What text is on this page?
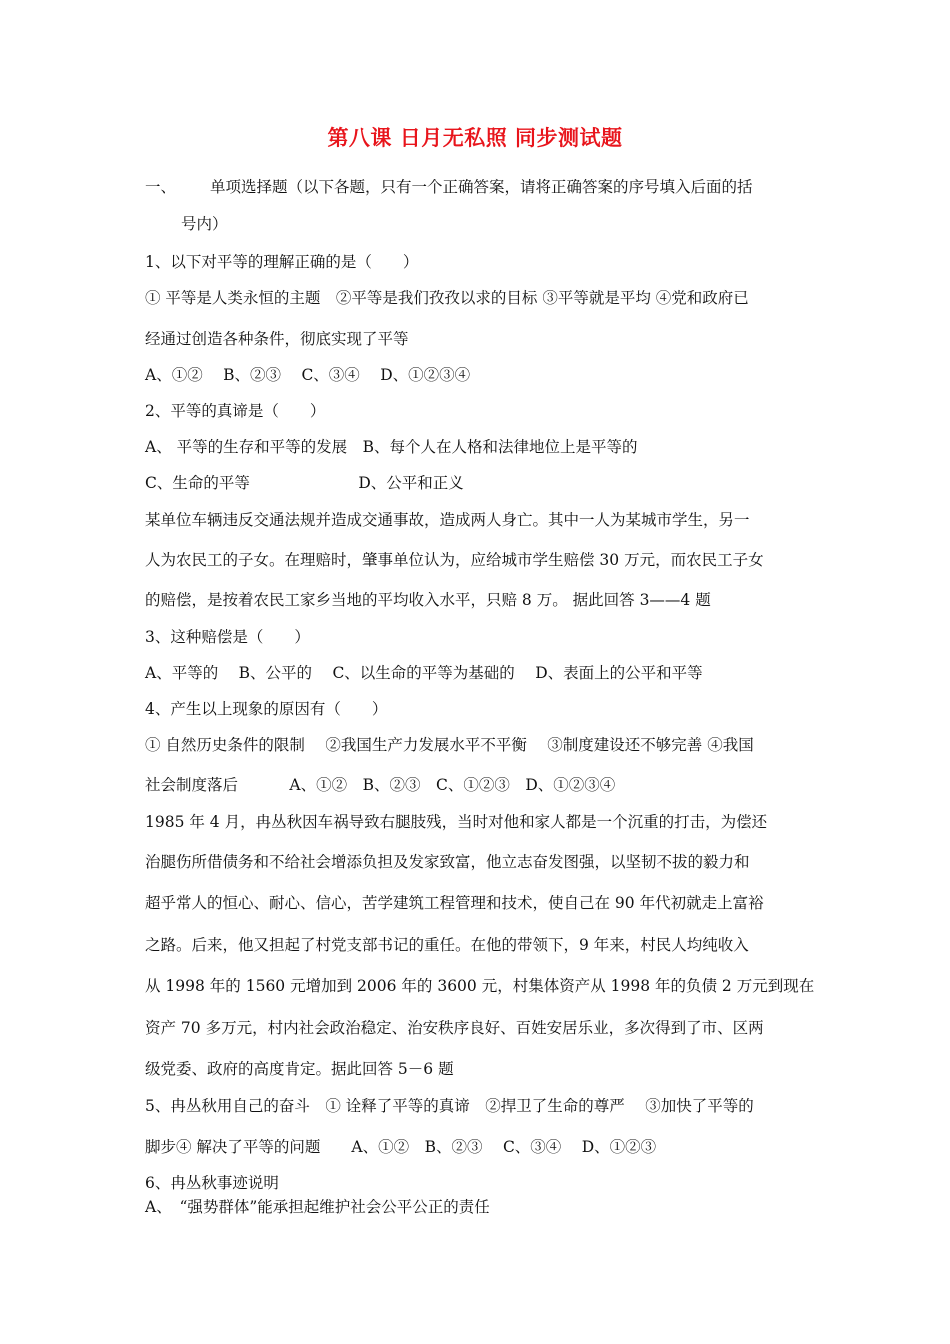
第八课 日月无私照 同步测试题
一、 单项选择题（以下各题，只有一个正确答案，请将正确答案的序号填入后面的括
号内）
1、以下对平等的理解正确的是（　　）
① 平等是人类永恒的主题　②平等是我们孜孜以求的目标 ③平等就是平均 ④党和政府已
经通过创造各种条件，彻底实现了平等
A、①②　 B、②③　 C、③④　 D、①②③④
2、平等的真谛是（　　）
A、 平等的生存和平等的发展　B、每个人在人格和法律地位上是平等的
C、生命的平等　　　　　　　D、公平和正义
某单位车辆违反交通法规并造成交通事故，造成两人身亡。其中一人为某城市学生，另一
人为农民工的子女。在理赔时，肇事单位认为，应给城市学生赔偿 30 万元，而农民工子女
的赔偿，是按着农民工家乡当地的平均收入水平，只赔 8 万。 据此回答 3——4 题
3、这种赔偿是（　　）
A、平等的　 B、公平的　 C、以生命的平等为基础的　 D、表面上的公平和平等
4、产生以上现象的原因有（　　）
① 自然历史条件的限制　 ②我国生产力发展水平不平衡　 ③制度建设还不够完善 ④我国
社会制度落后　　　 A、①②　B、②③　C、①②③　D、①②③④
1985 年 4 月，冉丛秋因车祸导致右腿肢残，当时对他和家人都是一个沉重的打击，为偿还
治腿伤所借债务和不给社会增添负担及发家致富，他立志奋发图强，以坚韧不拔的毅力和
超乎常人的恒心、耐心、信心，苦学建筑工程管理和技术，使自己在 90 年代初就走上富裕
之路。后来，他又担起了村党支部书记的重任。在他的带领下，9 年来，村民人均纯收入
从 1998 年的 1560 元增加到 2006 年的 3600 元，村集体资产从 1998 年的负债 2 万元到现在
资产 70 多万元，村内社会政治稳定、治安秩序良好、百姓安居乐业，多次得到了市、区两
级党委、政府的高度肯定。据此回答 5－6 题
5、冉丛秋用自己的奋斗　① 诠释了平等的真谛　②捍卫了生命的尊严　 ③加快了平等的
脚步④ 解决了平等的问题　　A、①②　B、②③　 C、③④　 D、①②③
6、冉丛秋事迹说明
A、　“强势群体”能承担起维护社会公平公正的责任
